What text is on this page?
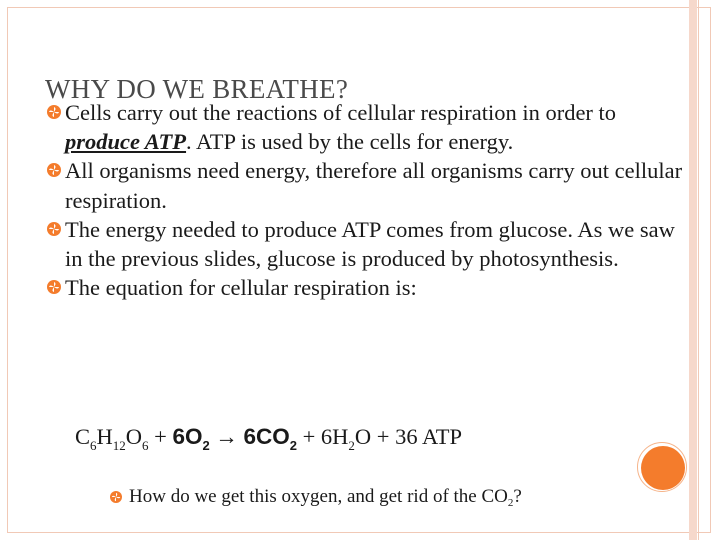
WHY DO WE BREATHE?
Cells carry out the reactions of cellular respiration in order to produce ATP. ATP is used by the cells for energy.
All organisms need energy, therefore all organisms carry out cellular respiration.
The energy needed to produce ATP comes from glucose. As we saw in the previous slides, glucose is produced by photosynthesis.
The equation for cellular respiration is:
$C_6H_{12}O_6 + 6O_2 \to 6CO_2 + 6H_2O + 36$ ATP
How do we get this oxygen, and get rid of the $CO_2$?
